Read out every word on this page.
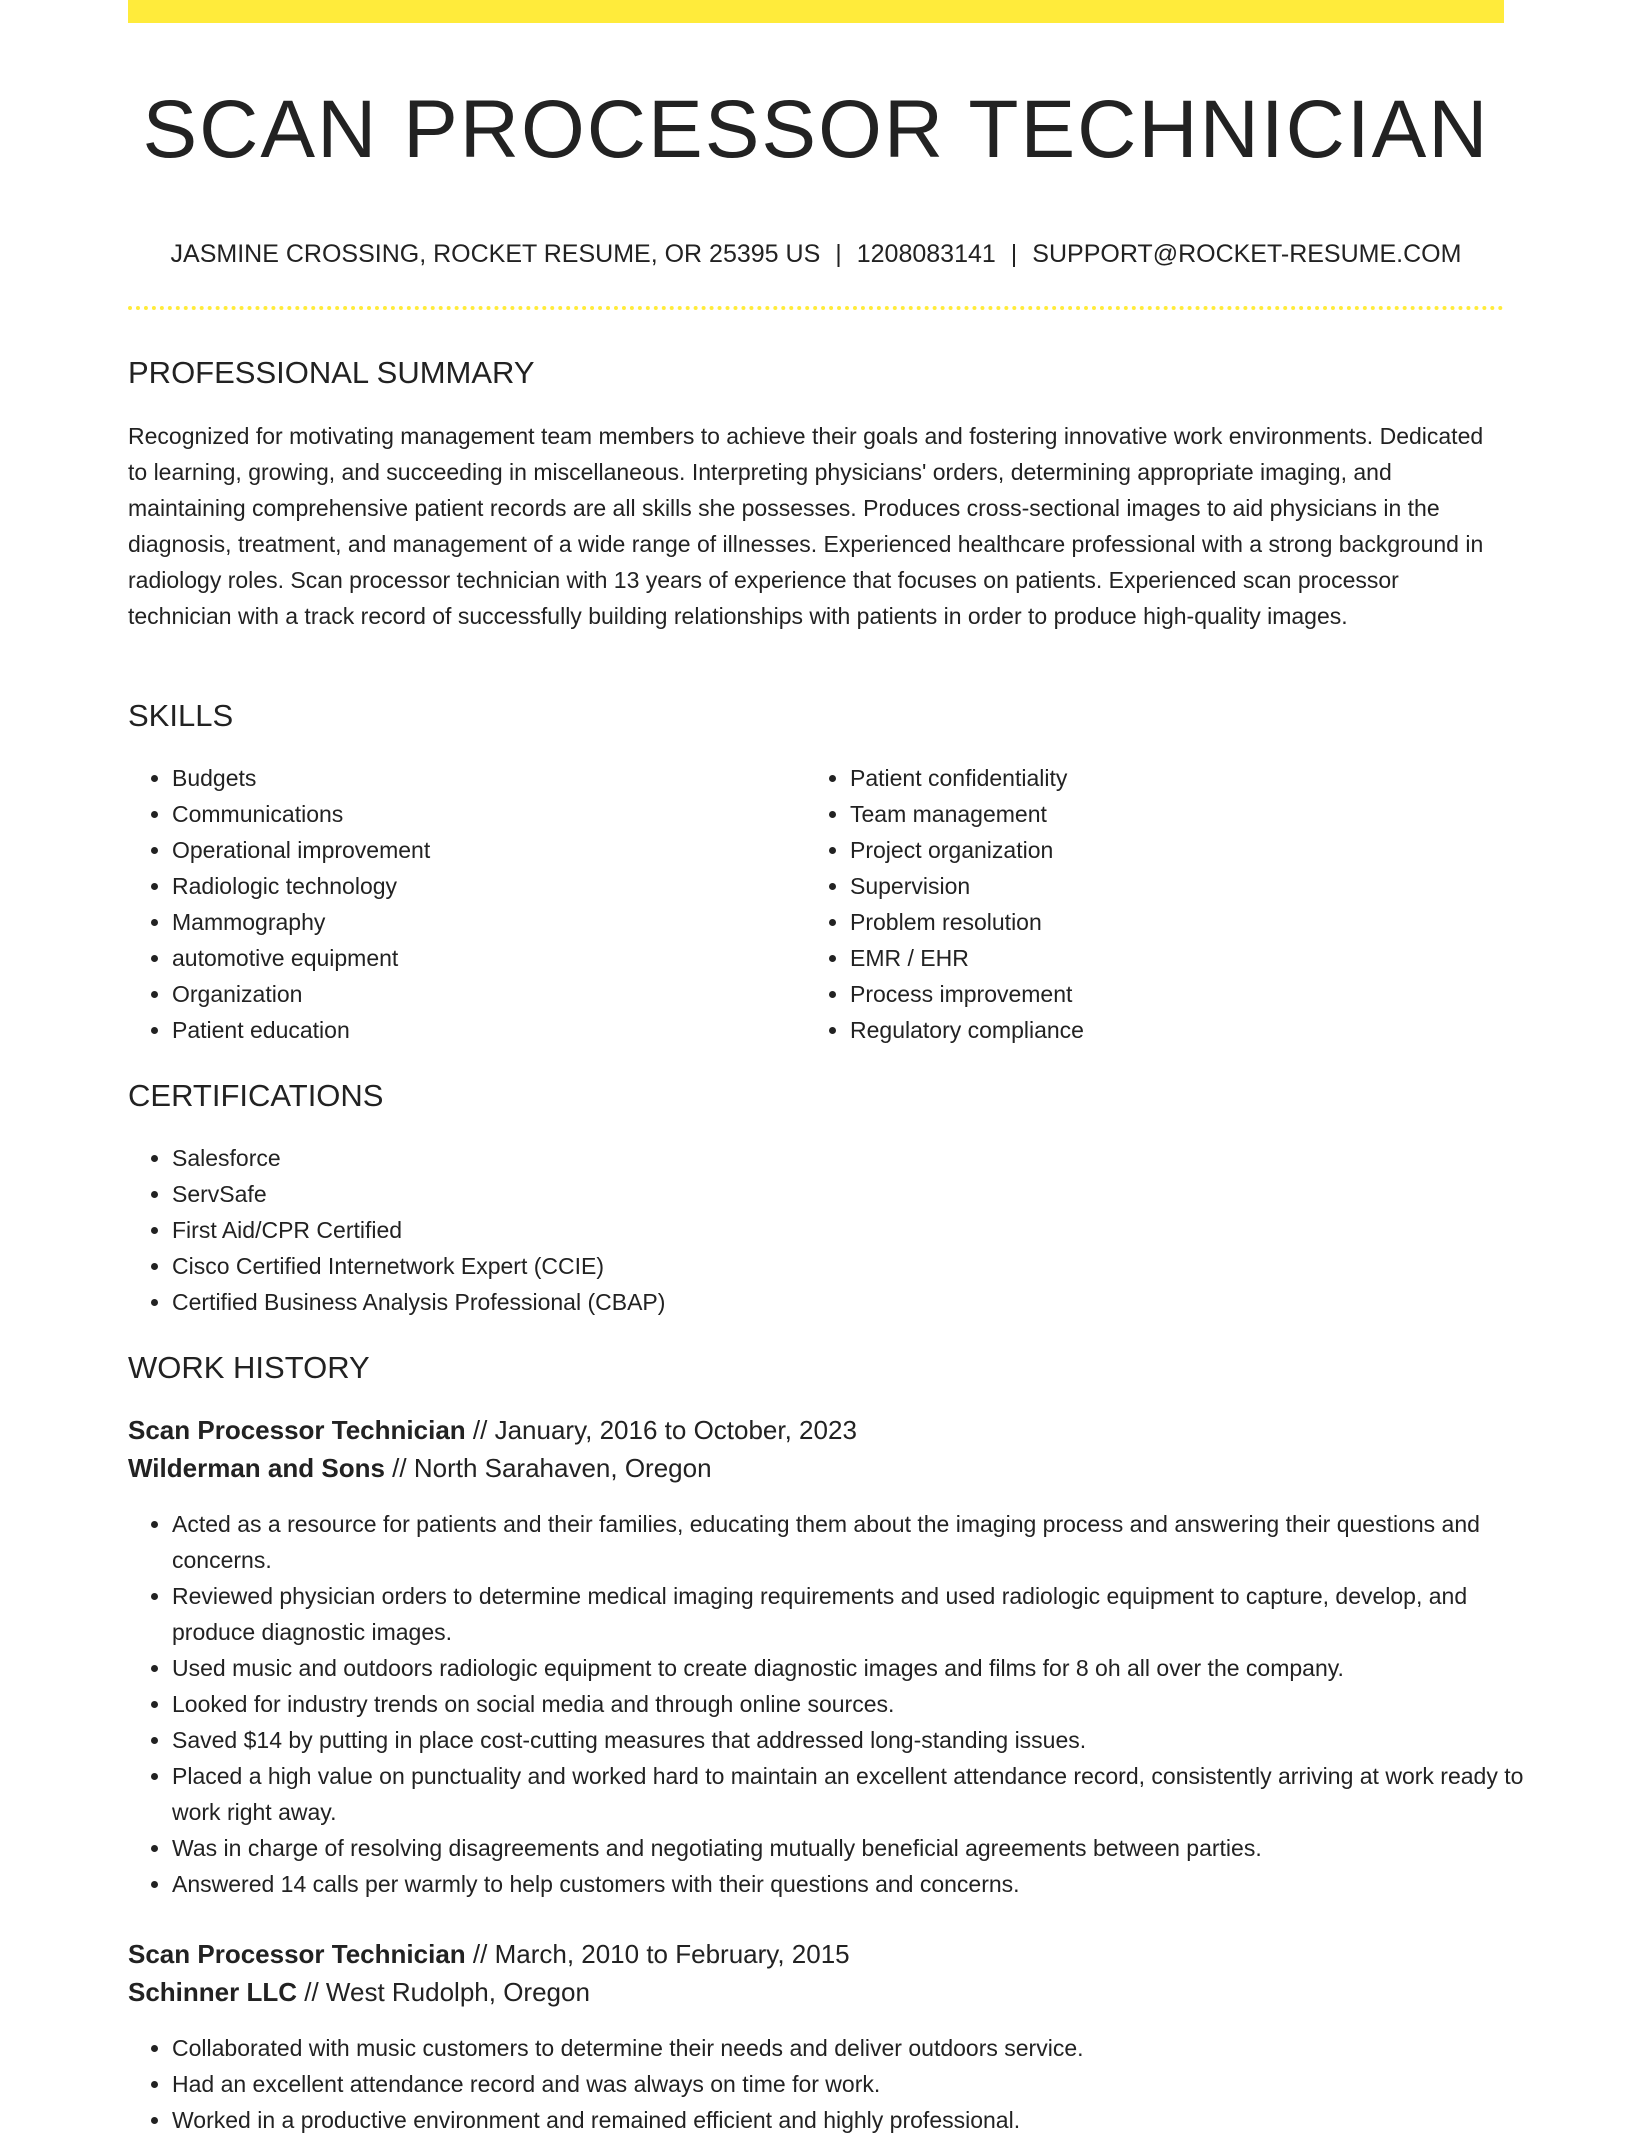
SCAN PROCESSOR TECHNICIAN
JASMINE CROSSING, ROCKET RESUME, OR 25395 US | 1208083141 | SUPPORT@ROCKET-RESUME.COM
PROFESSIONAL SUMMARY

Recognized for motivating management team members to achieve their goals and fostering innovative work environments. Dedicated to learning, growing, and succeeding in miscellaneous. Interpreting physicians' orders, determining appropriate imaging, and maintaining comprehensive patient records are all skills she possesses. Produces cross-sectional images to aid physicians in the diagnosis, treatment, and management of a wide range of illnesses. Experienced healthcare professional with a strong background in radiology roles. Scan processor technician with 13 years of experience that focuses on patients. Experienced scan processor technician with a track record of successfully building relationships with patients in order to produce high-quality images.

SKILLS
• Budgets
• Communications
• Operational improvement
• Radiologic technology
• Mammography
• automotive equipment
• Organization
• Patient education
• Patient confidentiality
• Team management
• Project organization
• Supervision
• Problem resolution
• EMR / EHR
• Process improvement
• Regulatory compliance
CERTIFICATIONS
• Salesforce
• ServSafe
• First Aid/CPR Certified
• Cisco Certified Internetwork Expert (CCIE)
• Certified Business Analysis Professional (CBAP)
WORK HISTORY
Scan Processor Technician // January, 2016 to October, 2023
Wilderman and Sons // North Sarahaven, Oregon
• Acted as a resource for patients and their families, educating them about the imaging process and answering their questions and concerns.
• Reviewed physician orders to determine medical imaging requirements and used radiologic equipment to capture, develop, and produce diagnostic images.
• Used music and outdoors radiologic equipment to create diagnostic images and films for 8 oh all over the company.
• Looked for industry trends on social media and through online sources.
• Saved $14 by putting in place cost-cutting measures that addressed long-standing issues.
• Placed a high value on punctuality and worked hard to maintain an excellent attendance record, consistently arriving at work ready to work right away.
• Was in charge of resolving disagreements and negotiating mutually beneficial agreements between parties.
• Answered 14 calls per warmly to help customers with their questions and concerns.
Scan Processor Technician // March, 2010 to February, 2015
Schinner LLC // West Rudolph, Oregon
• Collaborated with music customers to determine their needs and deliver outdoors service.
• Had an excellent attendance record and was always on time for work.
• Worked in a productive environment and remained efficient and highly professional.
